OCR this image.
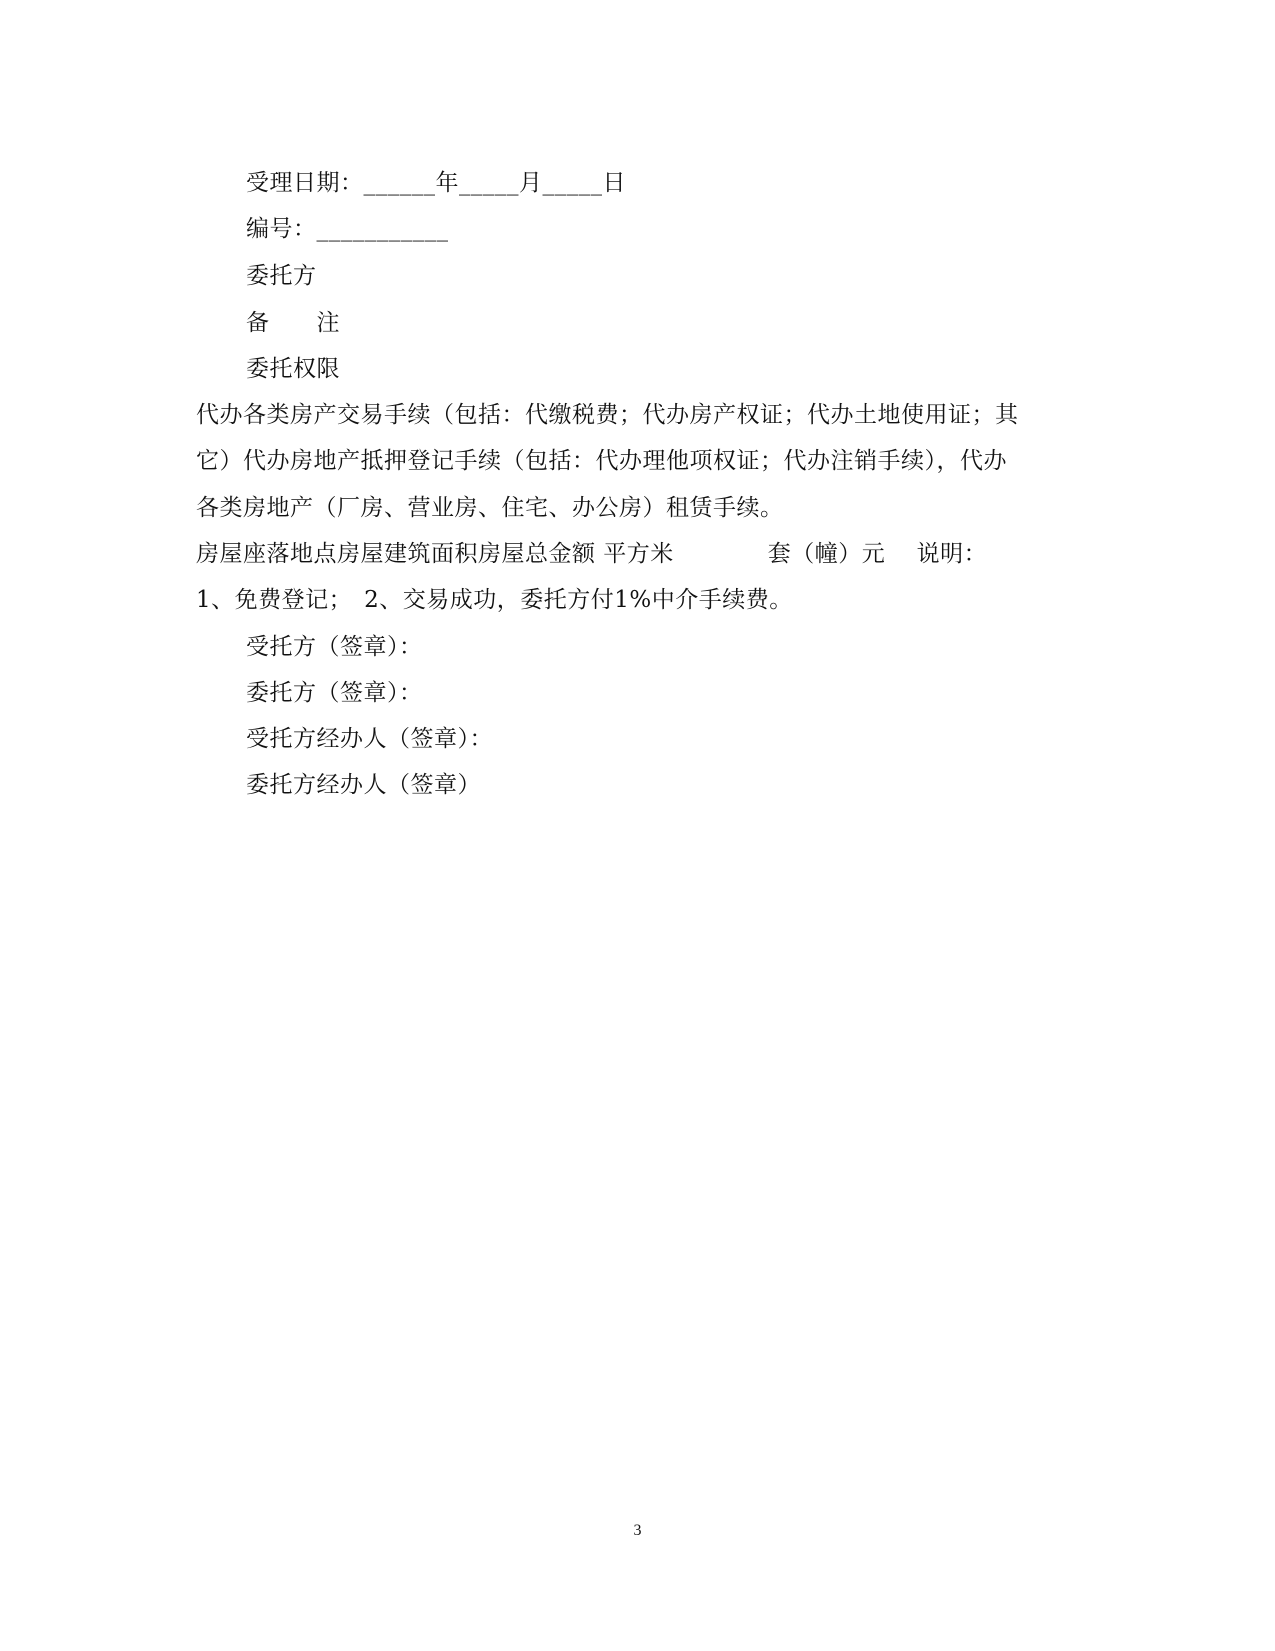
受理日期：______年_____月_____日
编号：___________
委托方
备　　注
委托权限
代办各类房产交易手续（包括：代缴税费；代办房产权证；代办土地使用证；其
它）代办房地产抵押登记手续（包括：代办理他项权证；代办注销手续），代办
各类房地产（厂房、营业房、住宅、办公房）租赁手续。
房屋座落地点房屋建筑面积房屋总金额 平方米　　　　套（幢）元　 说明：
1、免费登记；　2、交易成功，委托方付1%中介手续费。
受托方（签章）：
委托方（签章）：
受托方经办人（签章）：
委托方经办人（签章）
3
